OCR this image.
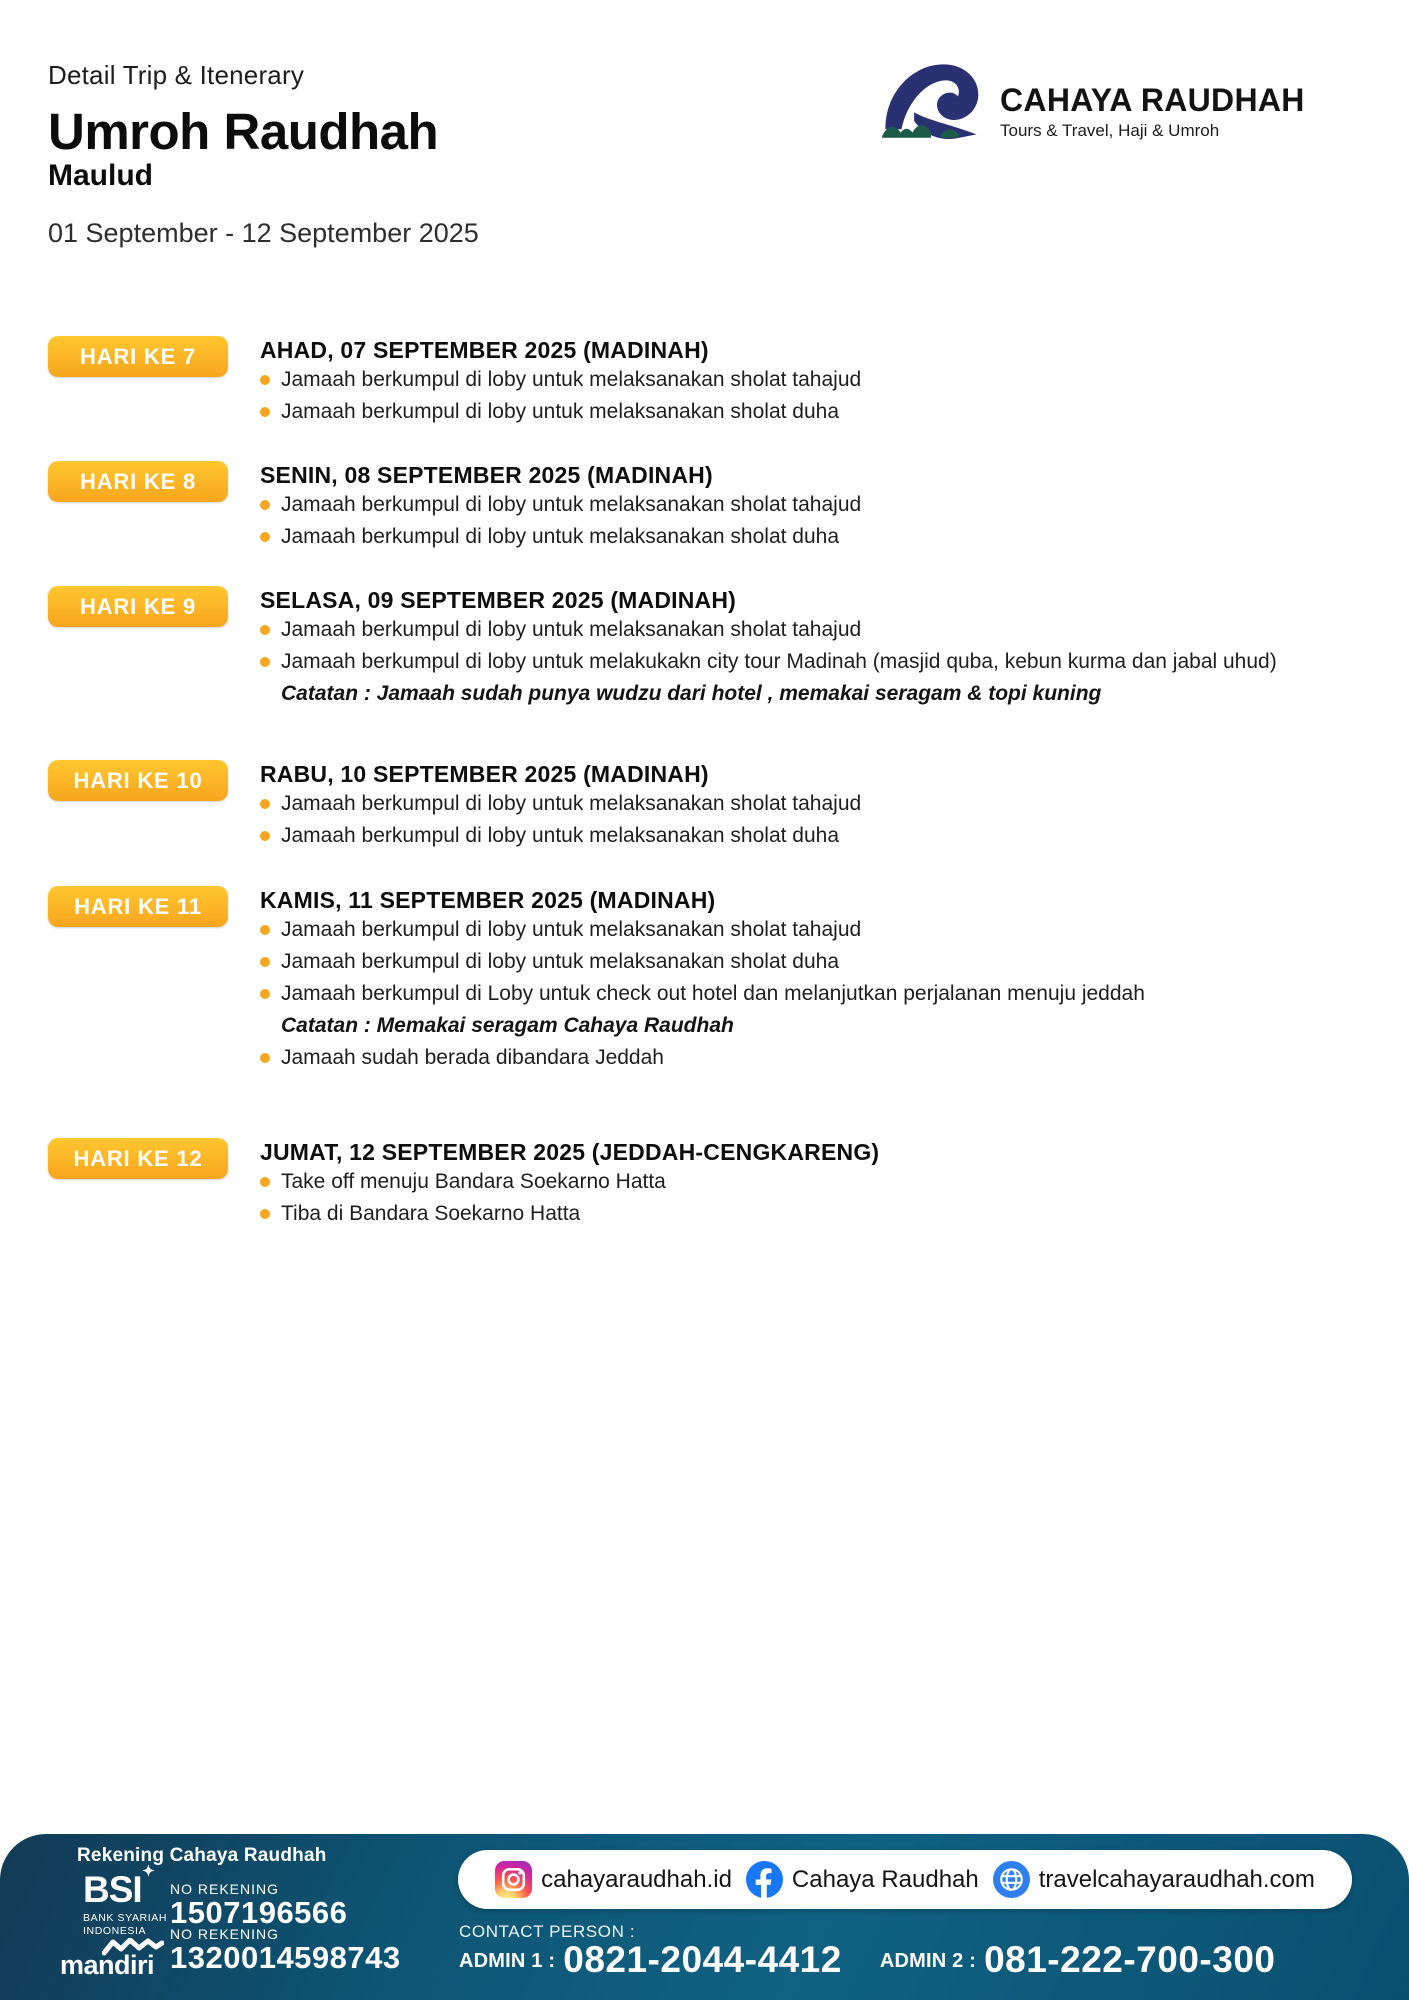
Detail Trip & Itenerary
Umroh Raudhah
Maulud
01 September - 12 September 2025
CAHAYA RAUDHAH
Tours & Travel, Haji & Umroh
HARI KE 7	AHAD, 07 SEPTEMBER 2025 (MADINAH)

Jamaah berkumpul di loby untuk melaksanakan sholat tahajud

Jamaah berkumpul di loby untuk melaksanakan sholat duha

HARI KE 8	SENIN, 08 SEPTEMBER 2025 (MADINAH)

Jamaah berkumpul di loby untuk melaksanakan sholat tahajud

Jamaah berkumpul di loby untuk melaksanakan sholat duha

HARI KE 9	SELASA, 09 SEPTEMBER 2025 (MADINAH)

Jamaah berkumpul di loby untuk melaksanakan sholat tahajud

Jamaah berkumpul di loby untuk melakukakn city tour Madinah (masjid quba, kebun kurma dan jabal uhud)

Catatan : Jamaah sudah punya wudzu dari hotel , memakai seragam & topi kuning

HARI KE 10 RABU, 10 SEPTEMBER 2025 (MADINAH)

Jamaah berkumpul di loby untuk melaksanakan sholat tahajud

Jamaah berkumpul di loby untuk melaksanakan sholat duha

HARI KE 11	KAMIS, 11 SEPTEMBER 2025 (MADINAH)

Jamaah berkumpul di loby untuk melaksanakan sholat tahajud

Jamaah berkumpul di loby untuk melaksanakan sholat duha

Jamaah berkumpul di Loby untuk check out hotel dan melanjutkan perjalanan menuju jeddah

Catatan : Memakai seragam Cahaya Raudhah

Jamaah sudah berada dibandara Jeddah

HARI KE 12 JUMAT, 12 SEPTEMBER 2025 (JEDDAH-CENGKARENG)

Take off menuju Bandara Soekarno Hatta

Tiba di Bandara Soekarno Hatta

Rekening Cahaya Raudhah
BSI ✦
BANK SYARIAH
INDONESIA
mandiri
NO REKENING
1507196566
NO REKENING
1320014598743
cahayaraudhah.id	Cahaya Raudhah	travelcahayaraudhah.com
CONTACT PERSON :
ADMIN 1 : 0821-2044-4412 ADMIN 2 : 081-222-700-300
